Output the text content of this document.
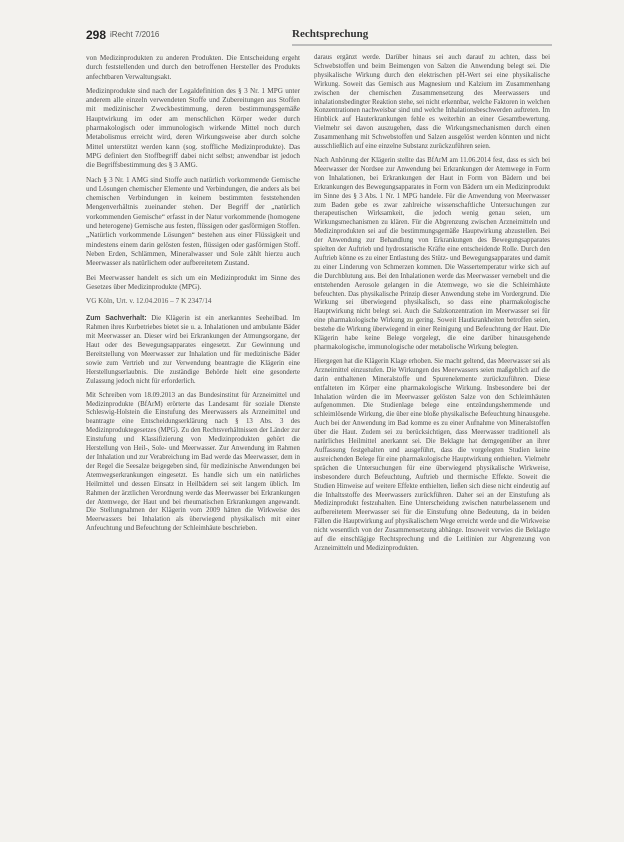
298 iRecht 7/2016	Rechtsprechung

von Medizinprodukten zu anderen Produkten. Die Entscheidung ergeht durch feststellenden und durch den betroffenen Hersteller des Produkts anfechtbaren Verwaltungsakt.

Medizinprodukte sind nach der Legaldefinition des § 3 Nr. 1 MPG unter anderem alle einzeln verwendeten Stoffe und Zubereitungen aus Stoffen mit medizinischer Zweckbestimmung, deren bestimmungsgemäße Hauptwirkung im oder am menschlichen Körper weder durch pharmakologisch oder immunologisch wirkende Mittel noch durch Metabolismus erreicht wird, deren Wirkungsweise aber durch solche Mittel unterstützt werden kann (sog. stoffliche Medizinprodukte). Das MPG definiert den Stoffbegriff dabei nicht selbst; anwendbar ist jedoch die Begriffsbestimmung des § 3 AMG.

Nach § 3 Nr. 1 AMG sind Stoffe auch natürlich vorkommende Gemische und Lösungen chemischer Elemente und Verbindungen, die anders als bei chemischen Verbindungen in keinem bestimmten feststehenden Mengenverhältnis zueinander stehen. Der Begriff der „natürlich vorkommenden Gemische“ erfasst in der Natur vorkommende (homogene und heterogene) Gemische aus festen, flüssigen oder gasförmigen Stoffen. „Natürlich vorkommende Lösungen“ bestehen aus einer Flüssigkeit und mindestens einem darin gelösten festen, flüssigen oder gasförmigen Stoff. Neben Erden, Schlämmen, Mineralwasser und Sole zählt hierzu auch Meerwasser als natürlichem oder aufbereitetem Zustand.

Bei Meerwasser handelt es sich um ein Medizinprodukt im Sinne des Gesetzes über Medizinprodukte (MPG).

VG Köln, Urt. v. 12.04.2016 – 7 K 2347/14

Zum Sachverhalt: Die Klägerin ist ein anerkanntes Seeheilbad. Im Rahmen ihres Kurbetriebes bietet sie u. a. Inhalationen und ambulante Bäder mit Meerwasser an. Dieser wird bei Erkrankungen der Atmungsorgane, der Haut oder des Bewegungsapparates eingesetzt. Zur Gewinnung und Bereitstellung von Meerwasser zur Inhalation und für medizinische Bäder sowie zum Vertrieb und zur Verwendung beantragte die Klägerin eine Herstellungserlaubnis. Die zuständige Behörde hielt eine gesonderte Zulassung jedoch nicht für erforderlich.

Mit Schreiben vom 18.09.2013 an das Bundesinstitut für Arzneimittel und Medizinprodukte (BfArM) erörterte das Landesamt für soziale Dienste Schleswig-Holstein die Einstufung des Meerwassers als Arzneimittel und beantragte eine Entscheidungserklärung nach § 13 Abs. 3 des Medizinproduktegesetzes (MPG). Zu den Rechtsverhältnissen der Länder zur Einstufung und Klassifizierung von Medizinprodukten gehört die Herstellung von Heil-, Sole- und Meerwasser. Zur Anwendung im Rahmen der Inhalation und zur Verabreichung im Bad werde das Meerwasser, dem in der Regel die Seesalze beigegeben sind, für medizinische Anwendungen bei Atemwegserkrankungen eingesetzt. Es handle sich um ein natürliches Heilmittel und dessen Einsatz in Heilbädern sei seit langem üblich. Im Rahmen der ärztlichen Verordnung werde das Meerwasser bei Erkrankungen der Atemwege, der Haut und bei rheumatischen Erkrankungen angewandt. Die Stellungnahmen der Klägerin vom 2009 hätten die Wirkweise des Meerwassers bei Inhalation als überwiegend physikalisch mit einer Anfeuchtung und Befeuchtung der Schleimhäute beschrieben.

daraus ergänzt werde. Darüber hinaus sei auch darauf zu achten, dass bei Schwebstoffen und beim Beimengen von Salzen die Anwendung belegt sei. Die physikalische Wirkung durch den elektrischen pH-Wert sei eine physikalische Wirkung. Soweit das Gemisch aus Magnesium und Kalzium im Zusammenhang zwischen der chemischen Zusammensetzung des Meerwassers und inhalationsbedingter Reaktion stehe, sei nicht erkennbar, welche Faktoren in welchen Konzentrationen nachweisbar sind und welche Inhalationsbeschwerden auftreten. Im Hinblick auf Hauterkrankungen fehle es weiterhin an einer Gesamtbewertung. Vielmehr sei davon auszugehen, dass die Wirkungsmechanismen durch einen Zusammenhang mit Schwebstoffen und Salzen ausgelöst werden könnten und nicht ausschließlich auf eine einzelne Substanz zurückzuführen seien.

Nach Anhörung der Klägerin stellte das BfArM am 11.06.2014 fest, dass es sich bei Meerwasser der Nordsee zur Anwendung bei Erkrankungen der Atemwege in Form von Inhalationen, bei Erkrankungen der Haut in Form von Bädern und bei Erkrankungen des Bewegungsapparates in Form von Bädern um ein Medizinprodukt im Sinne des § 3 Abs. 1 Nr. 1 MPG handele. Für die Anwendung von Meerwasser zum Baden gebe es zwar zahlreiche wissenschaftliche Untersuchungen zur therapeutischen Wirksamkeit, die jedoch wenig genau seien, um Wirkungsmechanismen zu klären. Für die Abgrenzung zwischen Arzneimitteln und Medizinprodukten sei auf die bestimmungsgemäße Hauptwirkung abzustellen. Bei der Anwendung zur Behandlung von Erkrankungen des Bewegungsapparates spielten der Auftrieb und hydrostatische Kräfte eine entscheidende Rolle. Durch den Auftrieb könne es zu einer Entlastung des Stütz- und Bewegungsapparates und damit zu einer Linderung von Schmerzen kommen. Die Wassertemperatur wirke sich auf die Durchblutung aus. Bei den Inhalationen werde das Meerwasser vernebelt und die entstehenden Aerosole gelangen in die Atemwege, wo sie die Schleimhäute befeuchten. Das physikalische Prinzip dieser Anwendung stehe im Vordergrund. Die Wirkung sei überwiegend physikalisch, so dass eine pharmakologische Hauptwirkung nicht belegt sei. Auch die Salzkonzentration im Meerwasser sei für eine pharmakologische Wirkung zu gering. Soweit Hautkrankheiten betroffen seien, bestehe die Wirkung überwiegend in einer Reinigung und Befeuchtung der Haut. Die Klägerin habe keine Belege vorgelegt, die eine darüber hinausgehende pharmakologische, immunologische oder metabolische Wirkung belegten.

Hiergegen hat die Klägerin Klage erhoben. Sie macht geltend, das Meerwasser sei als Arzneimittel einzustufen. Die Wirkungen des Meerwassers seien maßgeblich auf die darin enthaltenen Mineralstoffe und Spurenelemente zurückzuführen. Diese entfalteten im Körper eine pharmakologische Wirkung. Insbesondere bei der Inhalation würden die im Meerwasser gelösten Salze von den Schleimhäuten aufgenommen. Die Studienlage belege eine entzündungshemmende und schleimlösende Wirkung, die über eine bloße physikalische Befeuchtung hinausgehe. Auch bei der Anwendung im Bad komme es zu einer Aufnahme von Mineralstoffen über die Haut. Zudem sei zu berücksichtigen, dass Meerwasser traditionell als natürliches Heilmittel anerkannt sei. Die Beklagte hat demgegenüber an ihrer Auffassung festgehalten und ausgeführt, dass die vorgelegten Studien keine ausreichenden Belege für eine pharmakologische Hauptwirkung enthielten. Vielmehr sprächen die Untersuchungen für eine überwiegend physikalische Wirkweise, insbesondere durch Befeuchtung, Auftrieb und thermische Effekte. Soweit die Studien Hinweise auf weitere Effekte enthielten, ließen sich diese nicht eindeutig auf die Inhaltsstoffe des Meerwassers zurückführen. Daher sei an der Einstufung als Medizinprodukt festzuhalten. Eine Unterscheidung zwischen naturbelassenem und aufbereitetem Meerwasser sei für die Einstufung ohne Bedeutung, da in beiden Fällen die Hauptwirkung auf physikalischem Wege erreicht werde und die Wirkweise nicht wesentlich von der Zusammensetzung abhänge. Insoweit verwies die Beklagte auf die einschlägige Rechtsprechung und die Leitlinien zur Abgrenzung von Arzneimitteln und Medizinprodukten.
